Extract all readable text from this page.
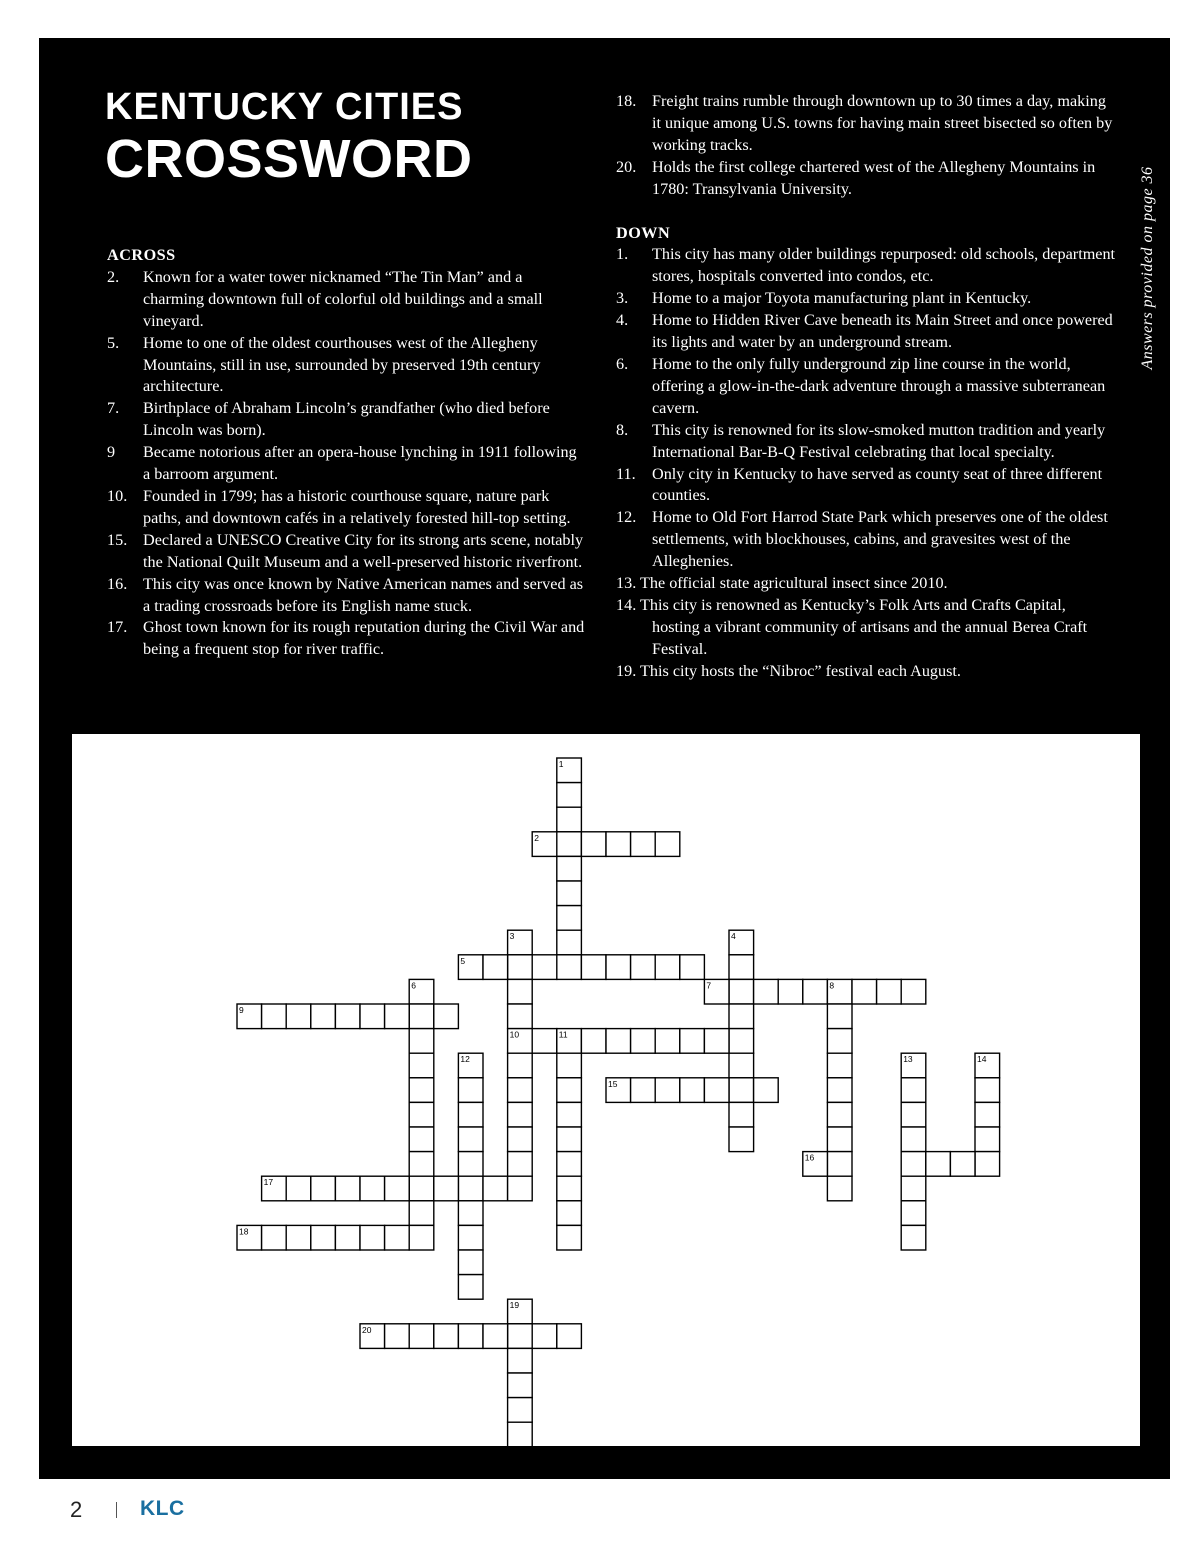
KENTUCKY CITIES
CROSSWORD
ACROSS
2. Known for a water tower nicknamed “The Tin Man” and a charming downtown full of colorful old buildings and a small vineyard.
5. Home to one of the oldest courthouses west of the Allegheny Mountains, still in use, surrounded by preserved 19th century architecture.
7. Birthplace of Abraham Lincoln’s grandfather (who died before Lincoln was born).
9 Became notorious after an opera-house lynching in 1911 following a barroom argument.
10. Founded in 1799; has a historic courthouse square, nature park paths, and downtown cafés in a relatively forested hill-top setting.
15. Declared a UNESCO Creative City for its strong arts scene, notably the National Quilt Museum and a well-preserved historic riverfront.
16. This city was once known by Native American names and served as a trading crossroads before its English name stuck.
17. Ghost town known for its rough reputation during the Civil War and being a frequent stop for river traffic.
18. Freight trains rumble through downtown up to 30 times a day, making it unique among U.S. towns for having main street bisected so often by working tracks.
20. Holds the first college chartered west of the Allegheny Mountains in 1780: Transylvania University.
DOWN
1. This city has many older buildings repurposed: old schools, department stores, hospitals converted into condos, etc.
3. Home to a major Toyota manufacturing plant in Kentucky.
4. Home to Hidden River Cave beneath its Main Street and once powered its lights and water by an underground stream.
6. Home to the only fully underground zip line course in the world, offering a glow-in-the-dark adventure through a massive subterranean cavern.
8. This city is renowned for its slow-smoked mutton tradition and yearly International Bar-B-Q Festival celebrating that local specialty.
11. Only city in Kentucky to have served as county seat of three different counties.
12. Home to Old Fort Harrod State Park which preserves one of the oldest settlements, with blockhouses, cabins, and gravesites west of the Alleghenies.
13. The official state agricultural insect since 2010.
14. This city is renowned as Kentucky’s Folk Arts and Crafts Capital, hosting a vibrant community of artisans and the annual Berea Craft Festival.
19. This city hosts the “Nibroc” festival each August.
Answers provided on page 36
1
2
3	4
5
6	7	8
9
10	11
12	13	14
15
16
17
18
19
20
2	KLC
